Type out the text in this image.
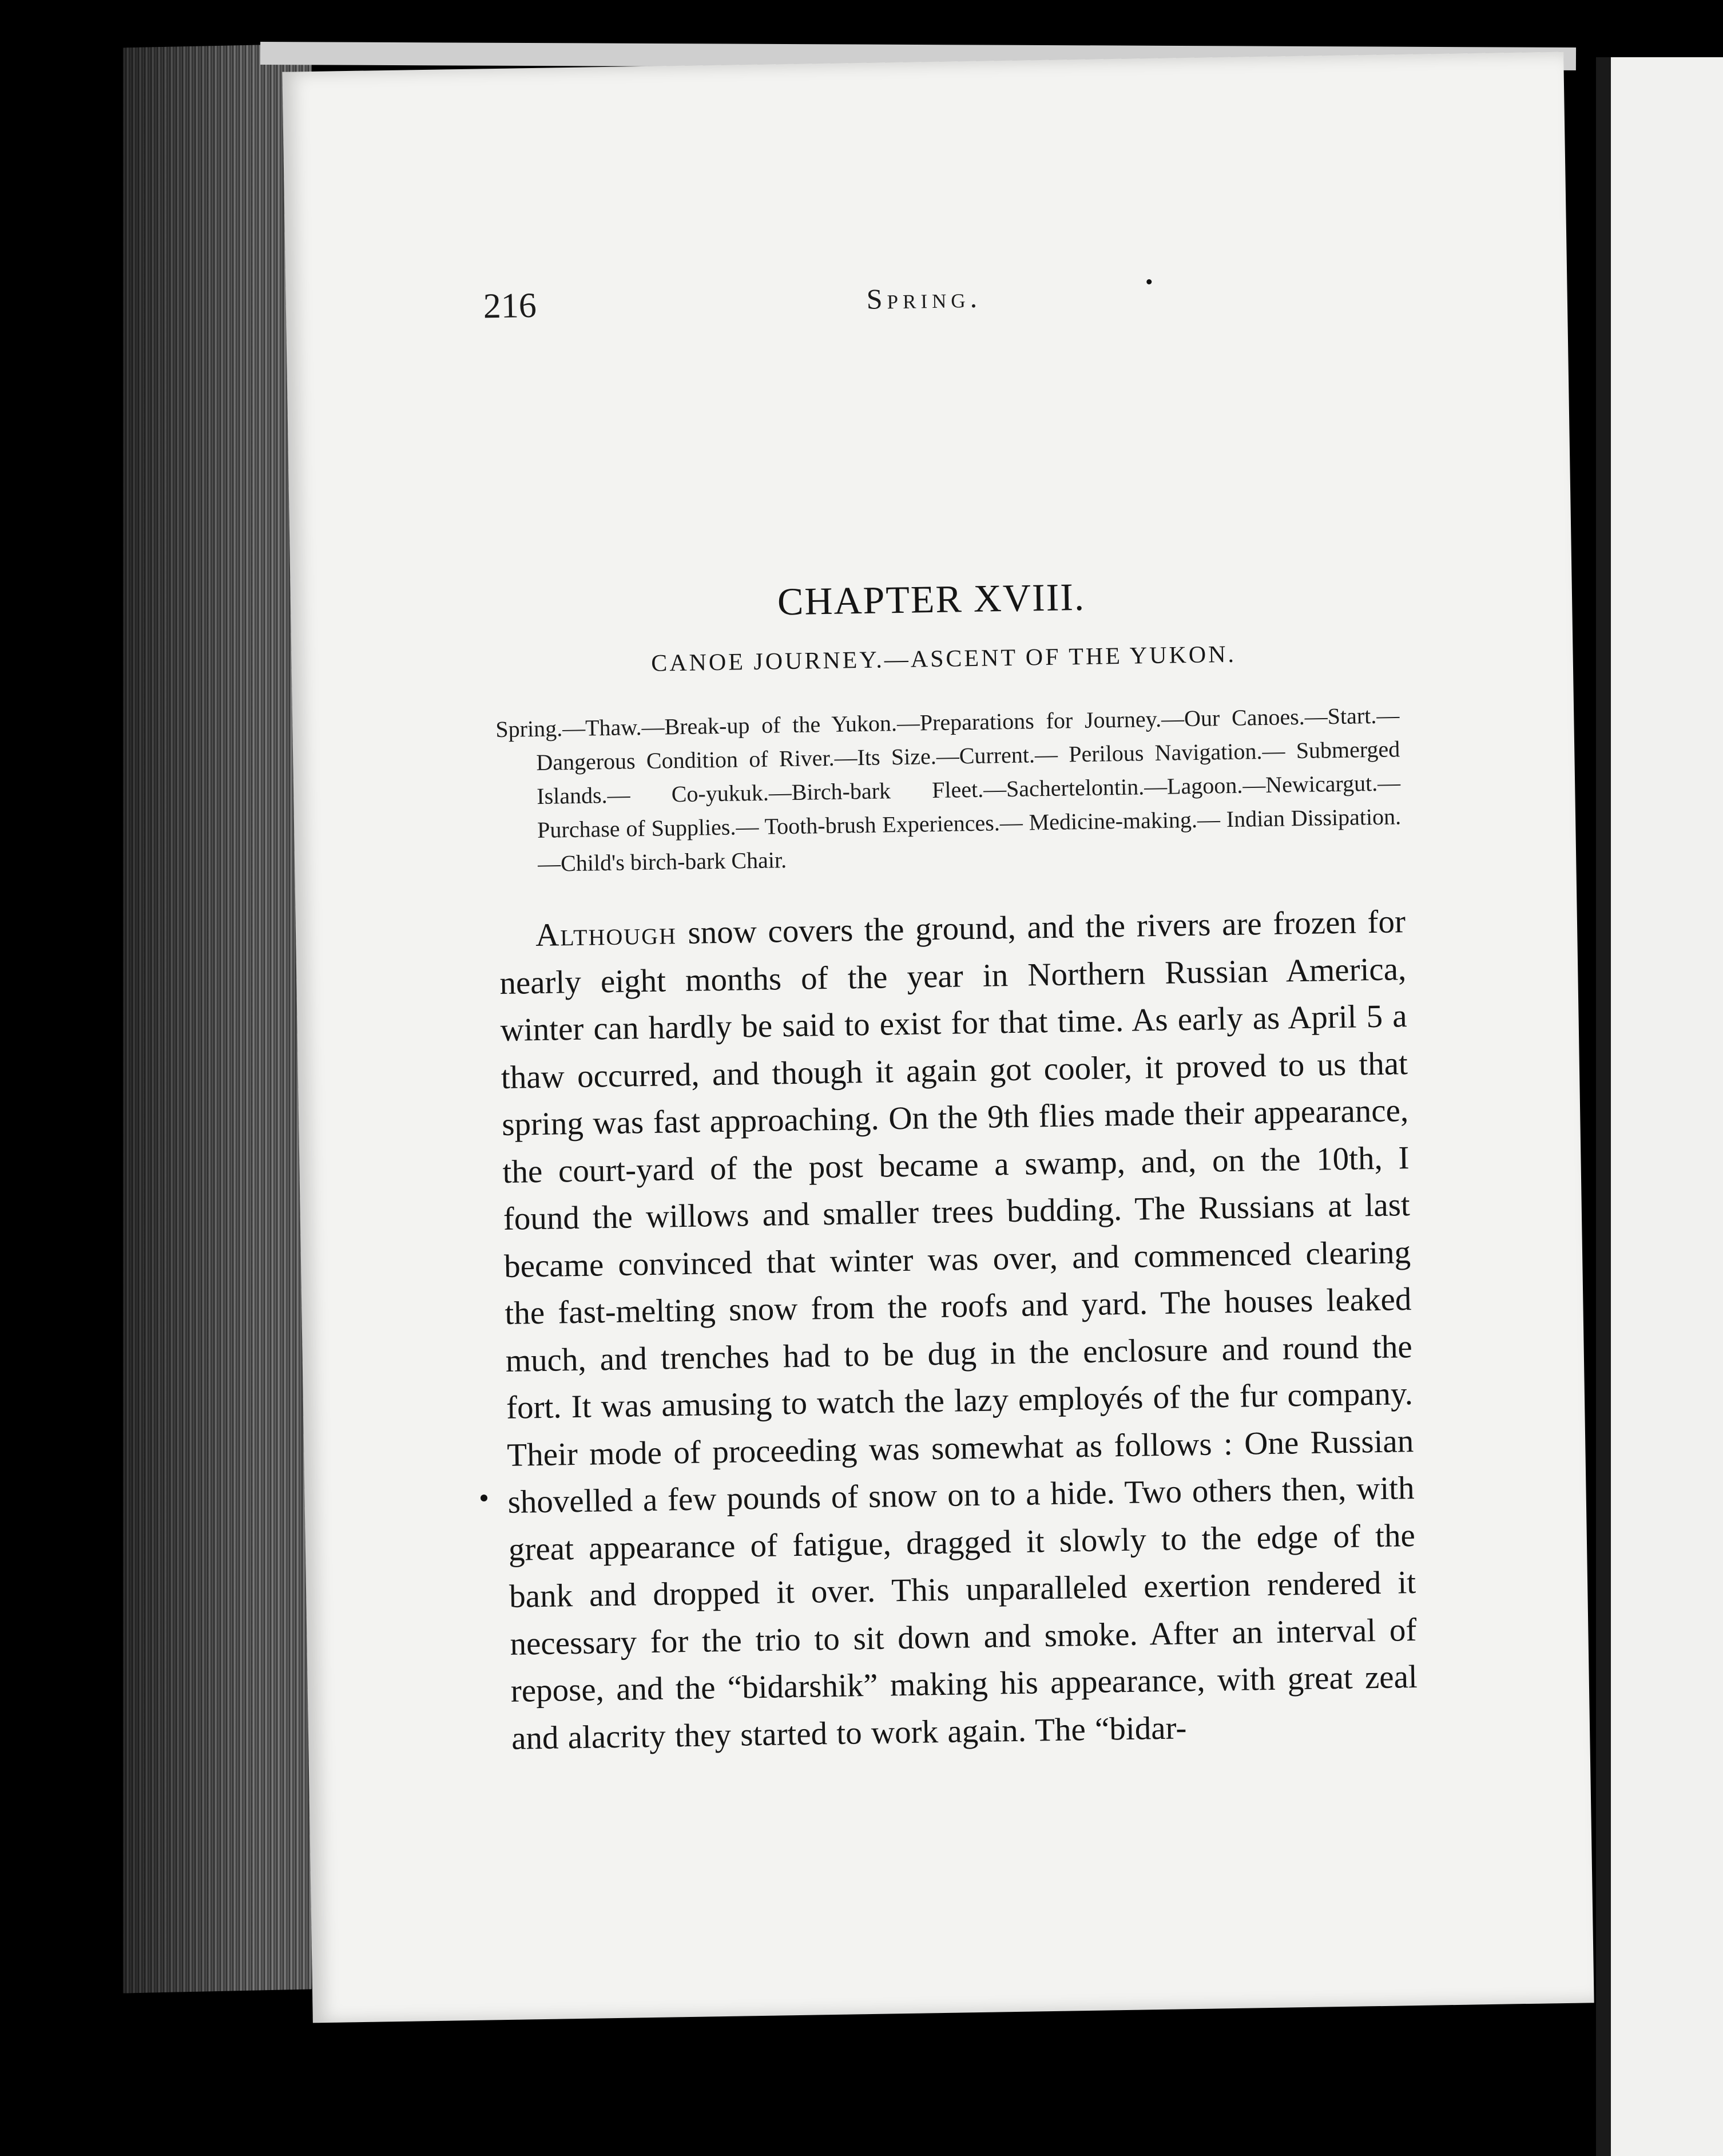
216	Spring.
CHAPTER XVIII.
CANOE JOURNEY.—ASCENT OF THE YUKON.
Spring.—Thaw.—Break-up of the Yukon.—Preparations for Journey.—Our Canoes.—Start.—Dangerous Condition of River.—Its Size.—Current.— Perilous Navigation.— Submerged Islands.— Co-yukuk.—Birch-bark Fleet.—Sachertelontin.—Lagoon.—Newicargut.—Purchase of Supplies.— Tooth-brush Experiences.— Medicine-making.— Indian Dissipation.—Child's birch-bark Chair.
Although snow covers the ground, and the rivers are frozen for nearly eight months of the year in Northern Russian America, winter can hardly be said to exist for that time. As early as April 5 a thaw occurred, and though it again got cooler, it proved to us that spring was fast approaching. On the 9th flies made their appearance, the court-yard of the post became a swamp, and, on the 10th, I found the willows and smaller trees budding. The Russians at last became convinced that winter was over, and commenced clearing the fast-melting snow from the roofs and yard. The houses leaked much, and trenches had to be dug in the enclosure and round the fort. It was amusing to watch the lazy employés of the fur company. Their mode of proceeding was somewhat as follows : One Russian shovelled a few pounds of snow on to a hide. Two others then, with great appearance of fatigue, dragged it slowly to the edge of the bank and dropped it over. This unparalleled exertion rendered it necessary for the trio to sit down and smoke. After an interval of repose, and the “bidarshik” making his appearance, with great zeal and alacrity they started to work again. The “bidar-
